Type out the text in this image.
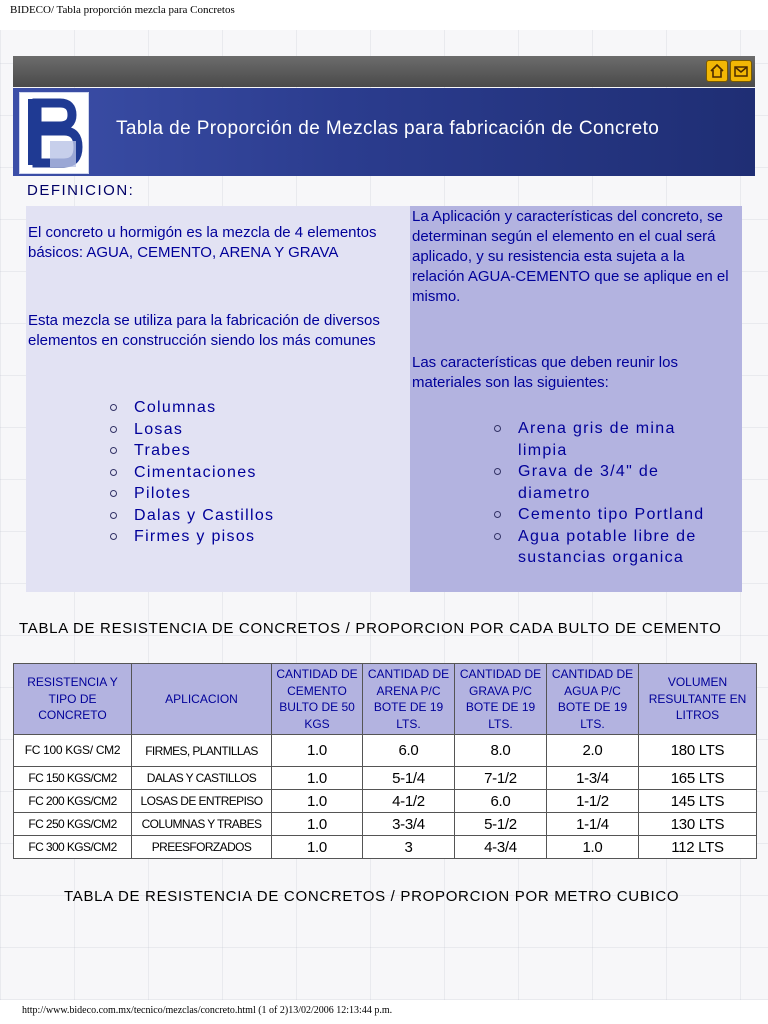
BIDECO/ Tabla proporción mezcla para Concretos
Tabla de Proporción de Mezclas para fabricación de Concreto
DEFINICION:
El concreto u hormigón es la mezcla de 4 elementos básicos: AGUA, CEMENTO, ARENA Y GRAVA
Esta mezcla se utiliza para la fabricación de diversos elementos en construcción siendo los más comunes
Columnas
Losas
Trabes
Cimentaciones
Pilotes
Dalas y Castillos
Firmes y pisos
La Aplicación y características del concreto, se determinan según el elemento en el cual será aplicado, y su resistencia esta sujeta a la relación AGUA-CEMENTO que se aplique en el mismo.
Las características que deben reunir los materiales son las siguientes:
Arena gris de mina limpia
Grava de 3/4" de diametro
Cemento tipo Portland
Agua potable libre de sustancias organica
TABLA DE RESISTENCIA DE CONCRETOS / PROPORCION POR CADA BULTO DE CEMENTO
RESISTENCIA Y TIPO DE CONCRETO	APLICACION	CANTIDAD DE CEMENTO BULTO DE 50 KGS	CANTIDAD DE ARENA P/C BOTE DE 19 LTS.	CANTIDAD DE GRAVA P/C BOTE DE 19 LTS.	CANTIDAD DE AGUA P/C BOTE DE 19 LTS.	VOLUMEN RESULTANTE EN LITROS
FC 100 KGS/ CM2	FIRMES, PLANTILLAS	1.0	6.0	8.0	2.0	180 LTS
FC 150 KGS/CM2	DALAS Y CASTILLOS	1.0	5-1/4	7-1/2	1-3/4	165 LTS
FC 200 KGS/CM2	LOSAS DE ENTREPISO	1.0	4-1/2	6.0	1-1/2	145 LTS
FC 250 KGS/CM2	COLUMNAS Y TRABES	1.0	3-3/4	5-1/2	1-1/4	130 LTS
FC 300 KGS/CM2	PREESFORZADOS	1.0	3	4-3/4	1.0	112 LTS
TABLA DE RESISTENCIA DE CONCRETOS / PROPORCION POR METRO CUBICO
http://www.bideco.com.mx/tecnico/mezclas/concreto.html (1 of 2)13/02/2006 12:13:44 p.m.
